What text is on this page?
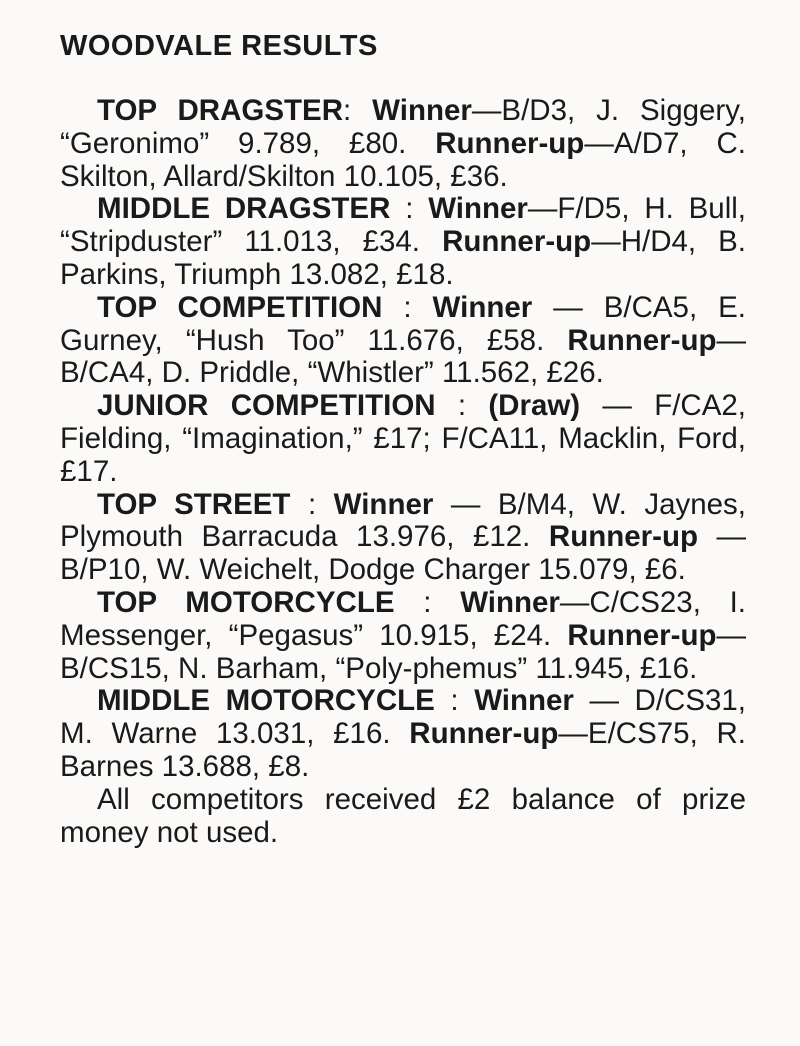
WOODVALE RESULTS

TOP DRAGSTER: Winner—B/D3, J. Siggery, “Geronimo” 9.789, £80. Runner-up—A/D7, C. Skilton, Allard/Skilton 10.105, £36.

MIDDLE DRAGSTER : Winner—F/D5, H. Bull, “Stripduster” 11.013, £34. Runner-up—H/D4, B. Parkins, Triumph 13.082, £18.

TOP COMPETITION : Winner — B/CA5, E. Gurney, “Hush Too” 11.676, £58. Runner-up—B/CA4, D. Priddle, “Whistler” 11.562, £26.

JUNIOR COMPETITION : (Draw) — F/CA2, Fielding, “Imagination,” £17; F/CA11, Macklin, Ford, £17.

TOP STREET : Winner — B/M4, W. Jaynes, Plymouth Barracuda 13.976, £12. Runner-up — B/P10, W. Weichelt, Dodge Charger 15.079, £6.

TOP MOTORCYCLE : Winner—C/CS23, I. Messenger, “Pegasus” 10.915, £24. Runner-up—B/CS15, N. Barham, “Poly-phemus” 11.945, £16.

MIDDLE MOTORCYCLE : Winner — D/CS31, M. Warne 13.031, £16. Runner-up—E/CS75, R. Barnes 13.688, £8.

All competitors received £2 balance of prize money not used.
